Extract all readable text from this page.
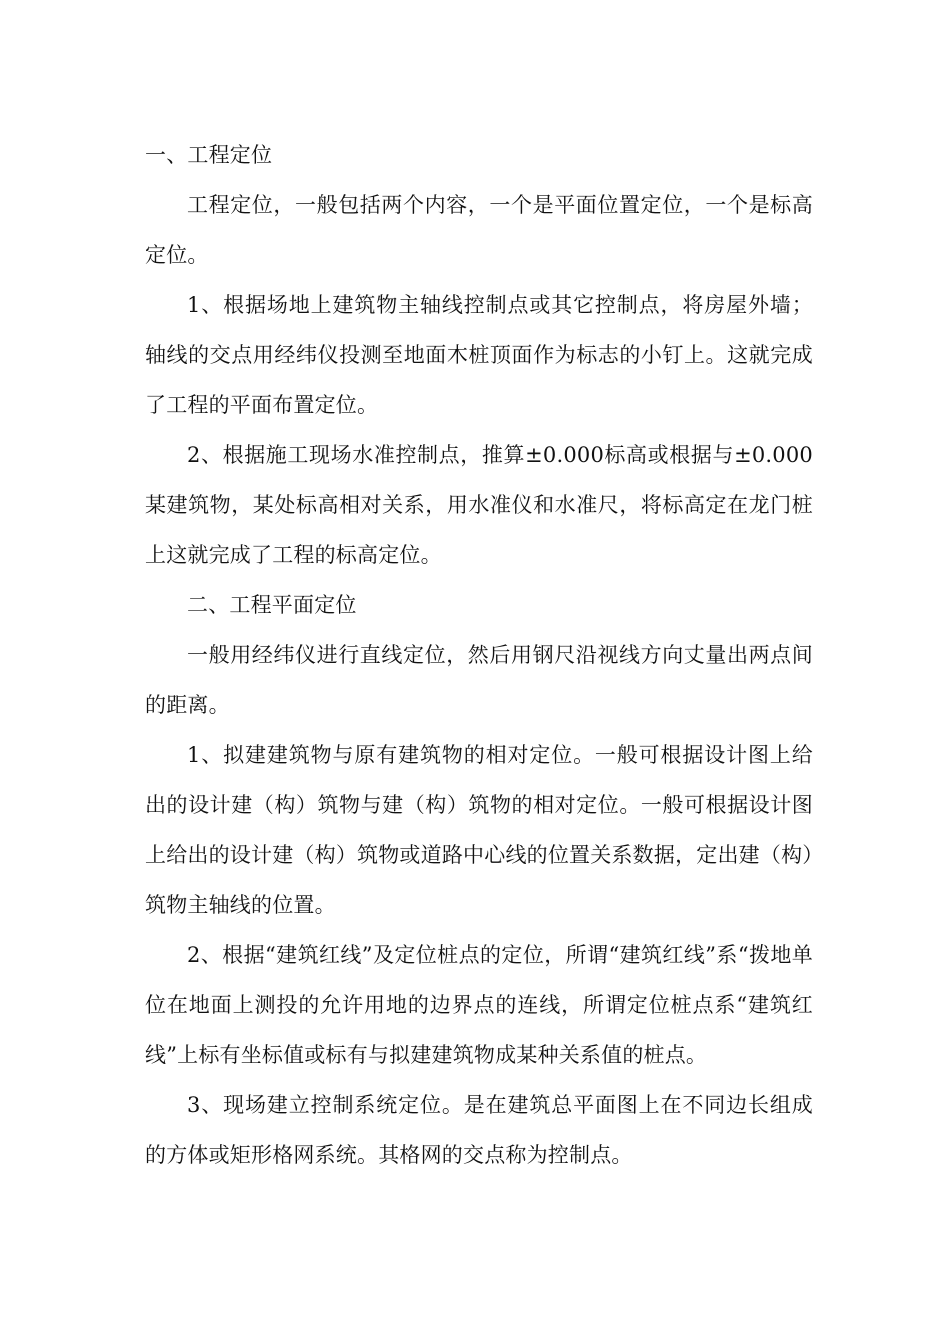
一、工程定位

工程定位，一般包括两个内容，一个是平面位置定位，一个是标高定位。

1、根据场地上建筑物主轴线控制点或其它控制点，将房屋外墙；轴线的交点用经纬仪投测至地面木桩顶面作为标志的小钉上。这就完成了工程的平面布置定位。

2、根据施工现场水准控制点，推算±0.000标高或根据与±0.000某建筑物，某处标高相对关系，用水准仪和水准尺，将标高定在龙门桩上这就完成了工程的标高定位。

二、工程平面定位

一般用经纬仪进行直线定位，然后用钢尺沿视线方向丈量出两点间的距离。

1、拟建建筑物与原有建筑物的相对定位。一般可根据设计图上给出的设计建（构）筑物与建（构）筑物的相对定位。一般可根据设计图上给出的设计建（构）筑物或道路中心线的位置关系数据，定出建（构）筑物主轴线的位置。

2、根据“建筑红线”及定位桩点的定位，所谓“建筑红线”系“拨地单位在地面上测投的允许用地的边界点的连线，所谓定位桩点系“建筑红线”上标有坐标值或标有与拟建建筑物成某种关系值的桩点。

3、现场建立控制系统定位。是在建筑总平面图上在不同边长组成的方体或矩形格网系统。其格网的交点称为控制点。
